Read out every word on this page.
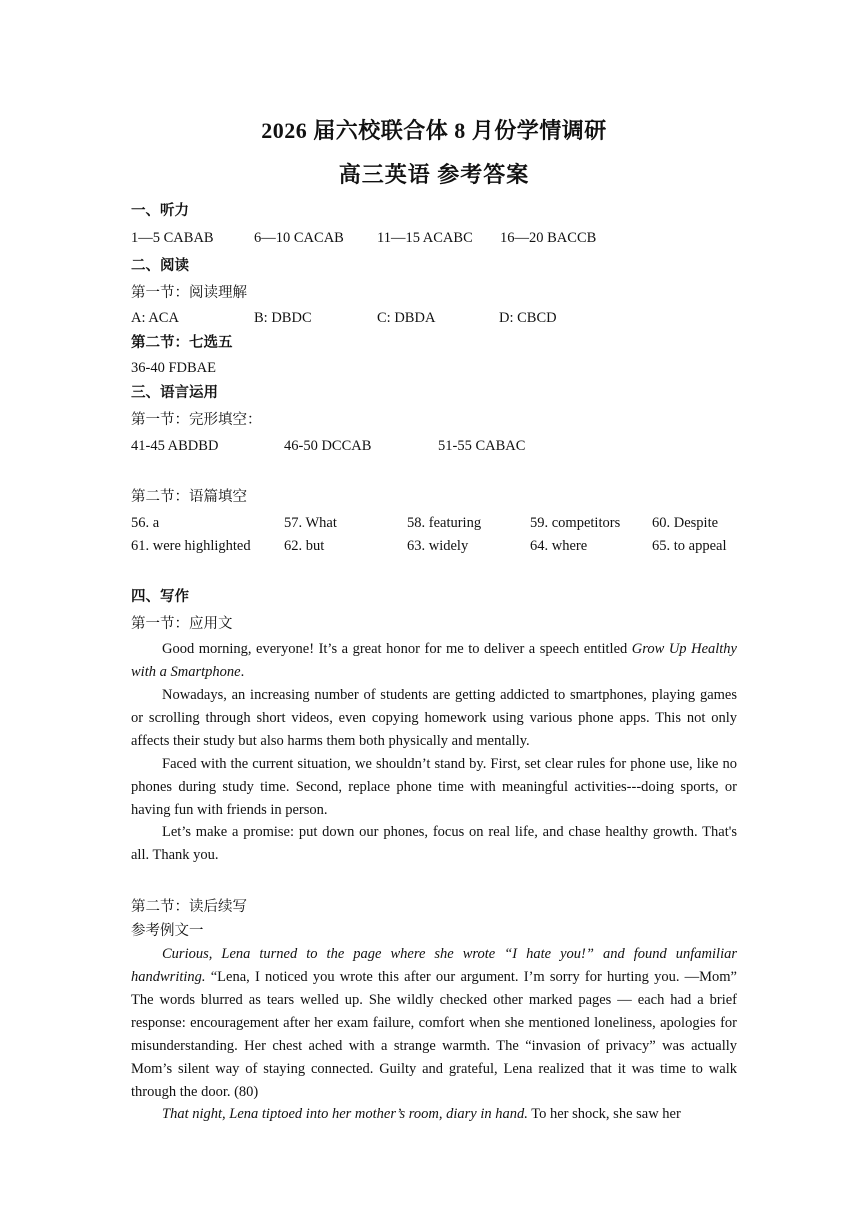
2026 届六校联合体 8 月份学情调研
高三英语 参考答案
一、听力
1—5 CABAB	6—10 CACAB 11—15 ACABC 16—20 BACCB
二、阅读
第一节：阅读理解
A: ACA	B: DBDC	C: DBDA	D: CBCD
第二节：七选五
36-40 FDBAE
三、语言运用
第一节：完形填空：
41-45 ABDBD	46-50 DCCAB	51-55 CABAC
第二节：语篇填空
56. a	57. What	58. featuring	59. competitors 60. Despite
61. were highlighted 62. but	63. widely	64. where	65. to appeal
四、写作
第一节：应用文

Good morning, everyone! It’s a great honor for me to deliver a speech entitled Grow Up Healthy with a Smartphone.

Nowadays, an increasing number of students are getting addicted to smartphones, playing games or scrolling through short videos, even copying homework using various phone apps. This not only affects their study but also harms them both physically and mentally.

Faced with the current situation, we shouldn’t stand by. First, set clear rules for phone use, like no phones during study time. Second, replace phone time with meaningful activities---doing sports, or having fun with friends in person.

Let’s make a promise: put down our phones, focus on real life, and chase healthy growth. That's all. Thank you.

第二节：读后续写
参考例文一

Curious, Lena turned to the page where she wrote “I hate you!” and found unfamiliar handwriting. “Lena, I noticed you wrote this after our argument. I’m sorry for hurting you. —Mom” The words blurred as tears welled up. She wildly checked other marked pages — each had a brief response: encouragement after her exam failure, comfort when she mentioned loneliness, apologies for misunderstanding. Her chest ached with a strange warmth. The “invasion of privacy” was actually Mom’s silent way of staying connected. Guilty and grateful, Lena realized that it was time to walk through the door. (80)

That night, Lena tiptoed into her mother’s room, diary in hand. To her shock, she saw her
